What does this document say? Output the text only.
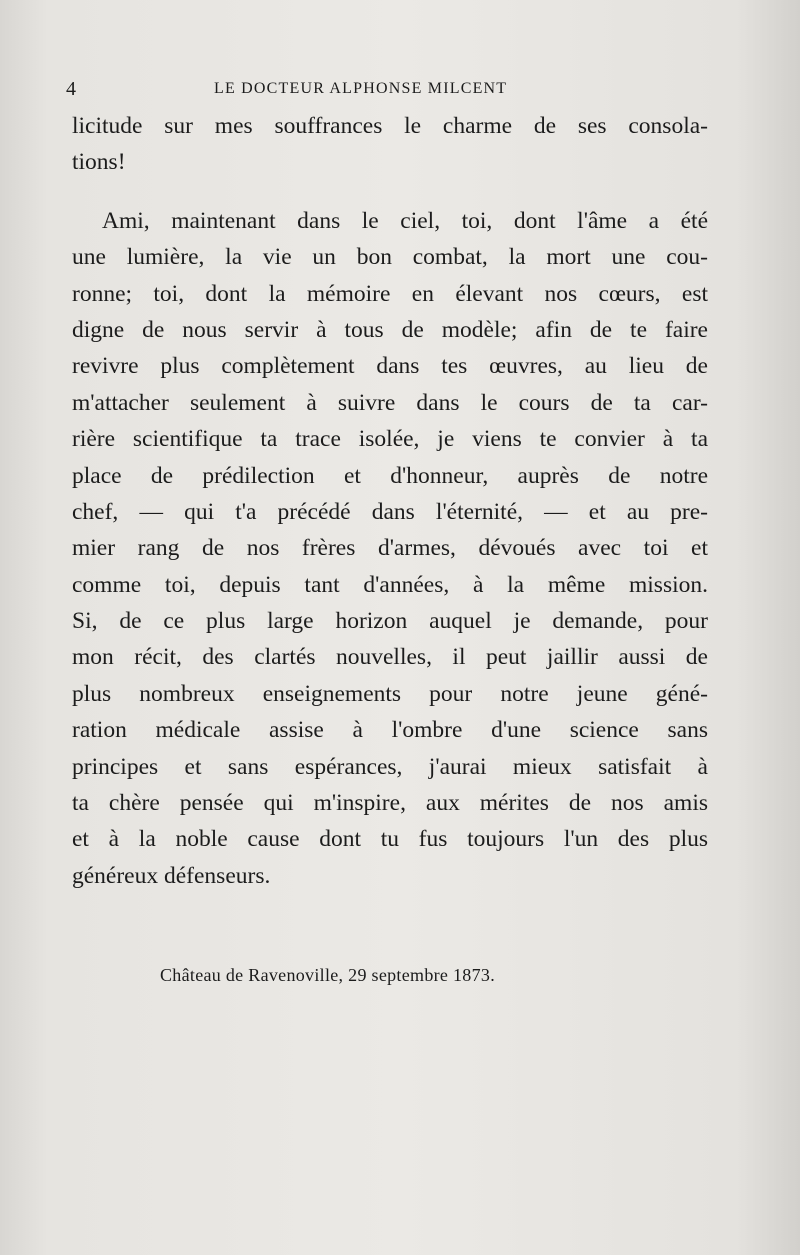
4	LE DOCTEUR ALPHONSE MILCENT
licitude sur mes souffrances le charme de ses consola-
tions!
Ami, maintenant dans le ciel, toi, dont l'âme a été
une lumière, la vie un bon combat, la mort une cou-
ronne; toi, dont la mémoire en élevant nos cœurs, est
digne de nous servir à tous de modèle; afin de te faire
revivre plus complètement dans tes œuvres, au lieu de
m'attacher seulement à suivre dans le cours de ta car-
rière scientifique ta trace isolée, je viens te convier à ta
place de prédilection et d'honneur, auprès de notre
chef, — qui t'a précédé dans l'éternité, — et au pre-
mier rang de nos frères d'armes, dévoués avec toi et
comme toi, depuis tant d'années, à la même mission.
Si, de ce plus large horizon auquel je demande, pour
mon récit, des clartés nouvelles, il peut jaillir aussi de
plus nombreux enseignements pour notre jeune géné-
ration médicale assise à l'ombre d'une science sans
principes et sans espérances, j'aurai mieux satisfait à
ta chère pensée qui m'inspire, aux mérites de nos amis
et à la noble cause dont tu fus toujours l'un des plus
généreux défenseurs.
Château de Ravenoville, 29 septembre 1873.
